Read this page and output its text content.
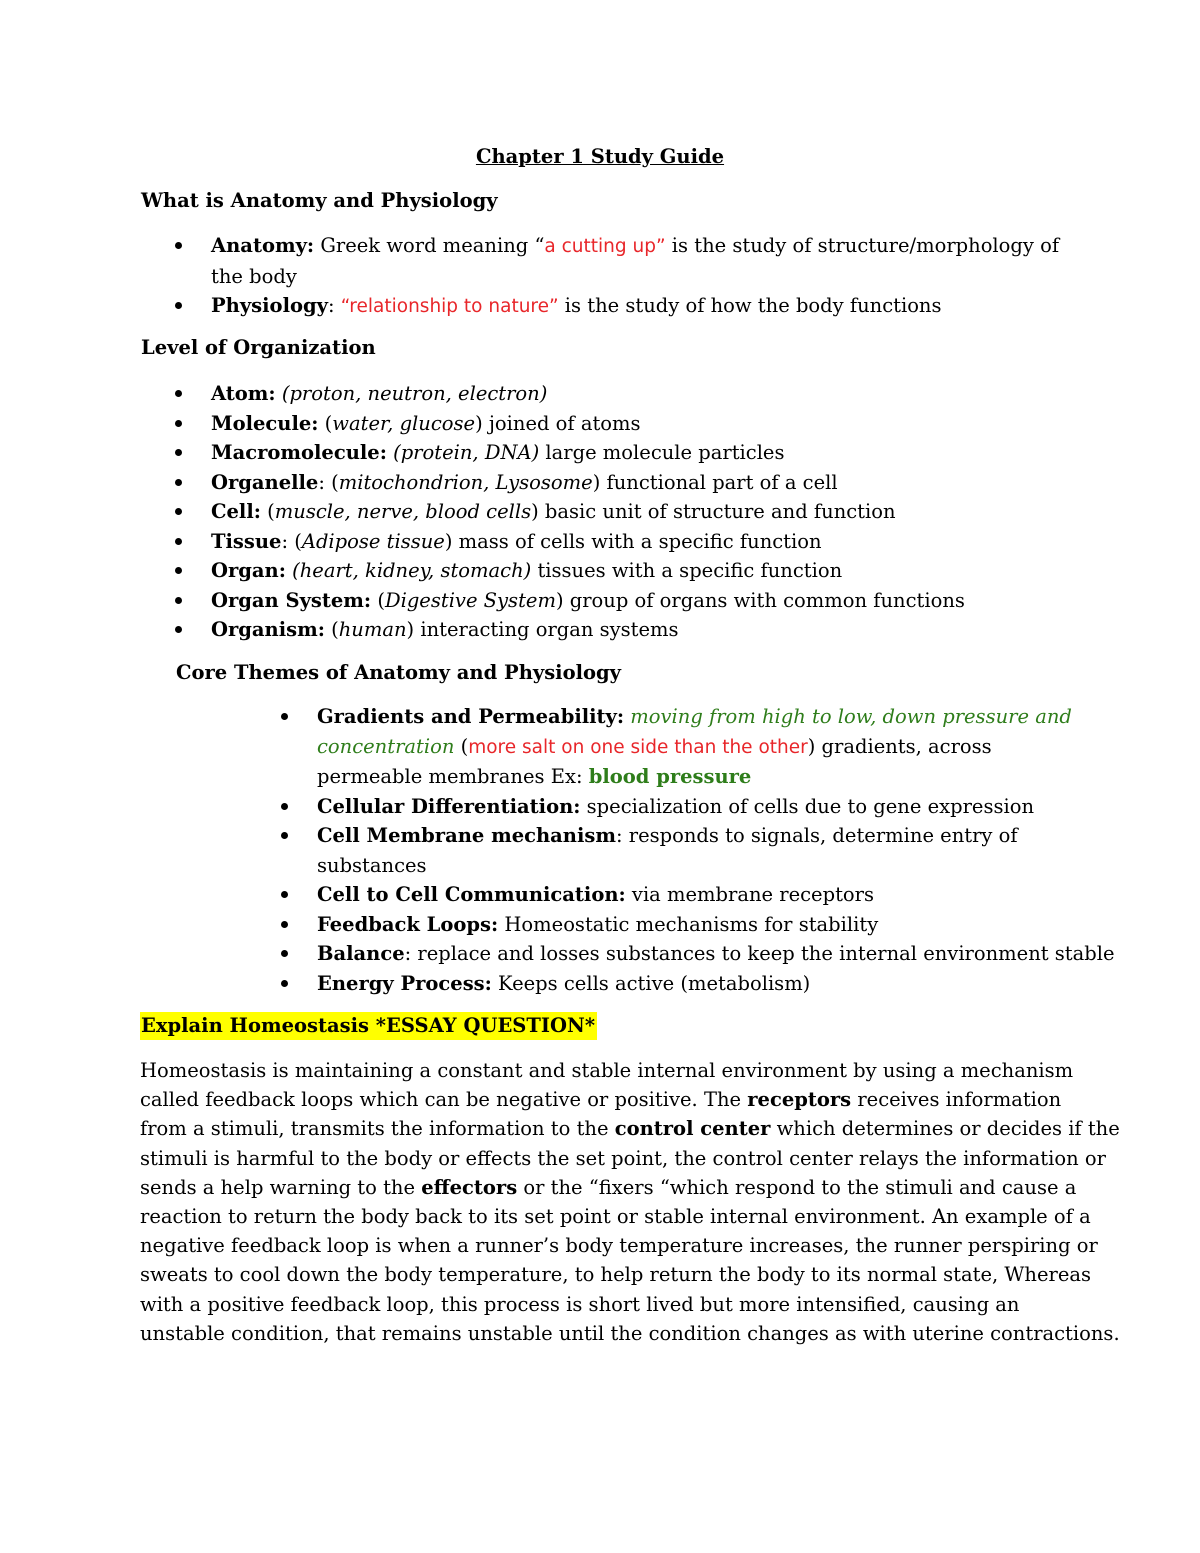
Chapter 1 Study Guide
What is Anatomy and Physiology
Anatomy: Greek word meaning “a cutting up” is the study of structure/morphology of
the body
Physiology: “relationship to nature” is the study of how the body functions
Level of Organization
Atom: (proton, neutron, electron)
Molecule: (water, glucose) joined of atoms
Macromolecule: (protein, DNA) large molecule particles
Organelle: (mitochondrion, Lysosome) functional part of a cell
Cell: (muscle, nerve, blood cells) basic unit of structure and function
Tissue: (Adipose tissue) mass of cells with a specific function
Organ: (heart, kidney, stomach) tissues with a specific function
Organ System: (Digestive System) group of organs with common functions
Organism: (human) interacting organ systems
Core Themes of Anatomy and Physiology
Gradients and Permeability: moving from high to low, down pressure and
concentration (more salt on one side than the other) gradients, across
permeable membranes Ex: blood pressure
Cellular Differentiation: specialization of cells due to gene expression
Cell Membrane mechanism: responds to signals, determine entry of
substances
Cell to Cell Communication: via membrane receptors
Feedback Loops: Homeostatic mechanisms for stability
Balance: replace and losses substances to keep the internal environment stable
Energy Process: Keeps cells active (metabolism)
Explain Homeostasis *ESSAY QUESTION*
Homeostasis is maintaining a constant and stable internal environment by using a mechanism
called feedback loops which can be negative or positive. The receptors receives information
from a stimuli, transmits the information to the control center which determines or decides if the
stimuli is harmful to the body or effects the set point, the control center relays the information or
sends a help warning to the effectors or the “fixers “which respond to the stimuli and cause a
reaction to return the body back to its set point or stable internal environment. An example of a
negative feedback loop is when a runner’s body temperature increases, the runner perspiring or
sweats to cool down the body temperature, to help return the body to its normal state, Whereas
with a positive feedback loop, this process is short lived but more intensified, causing an
unstable condition, that remains unstable until the condition changes as with uterine contractions.
